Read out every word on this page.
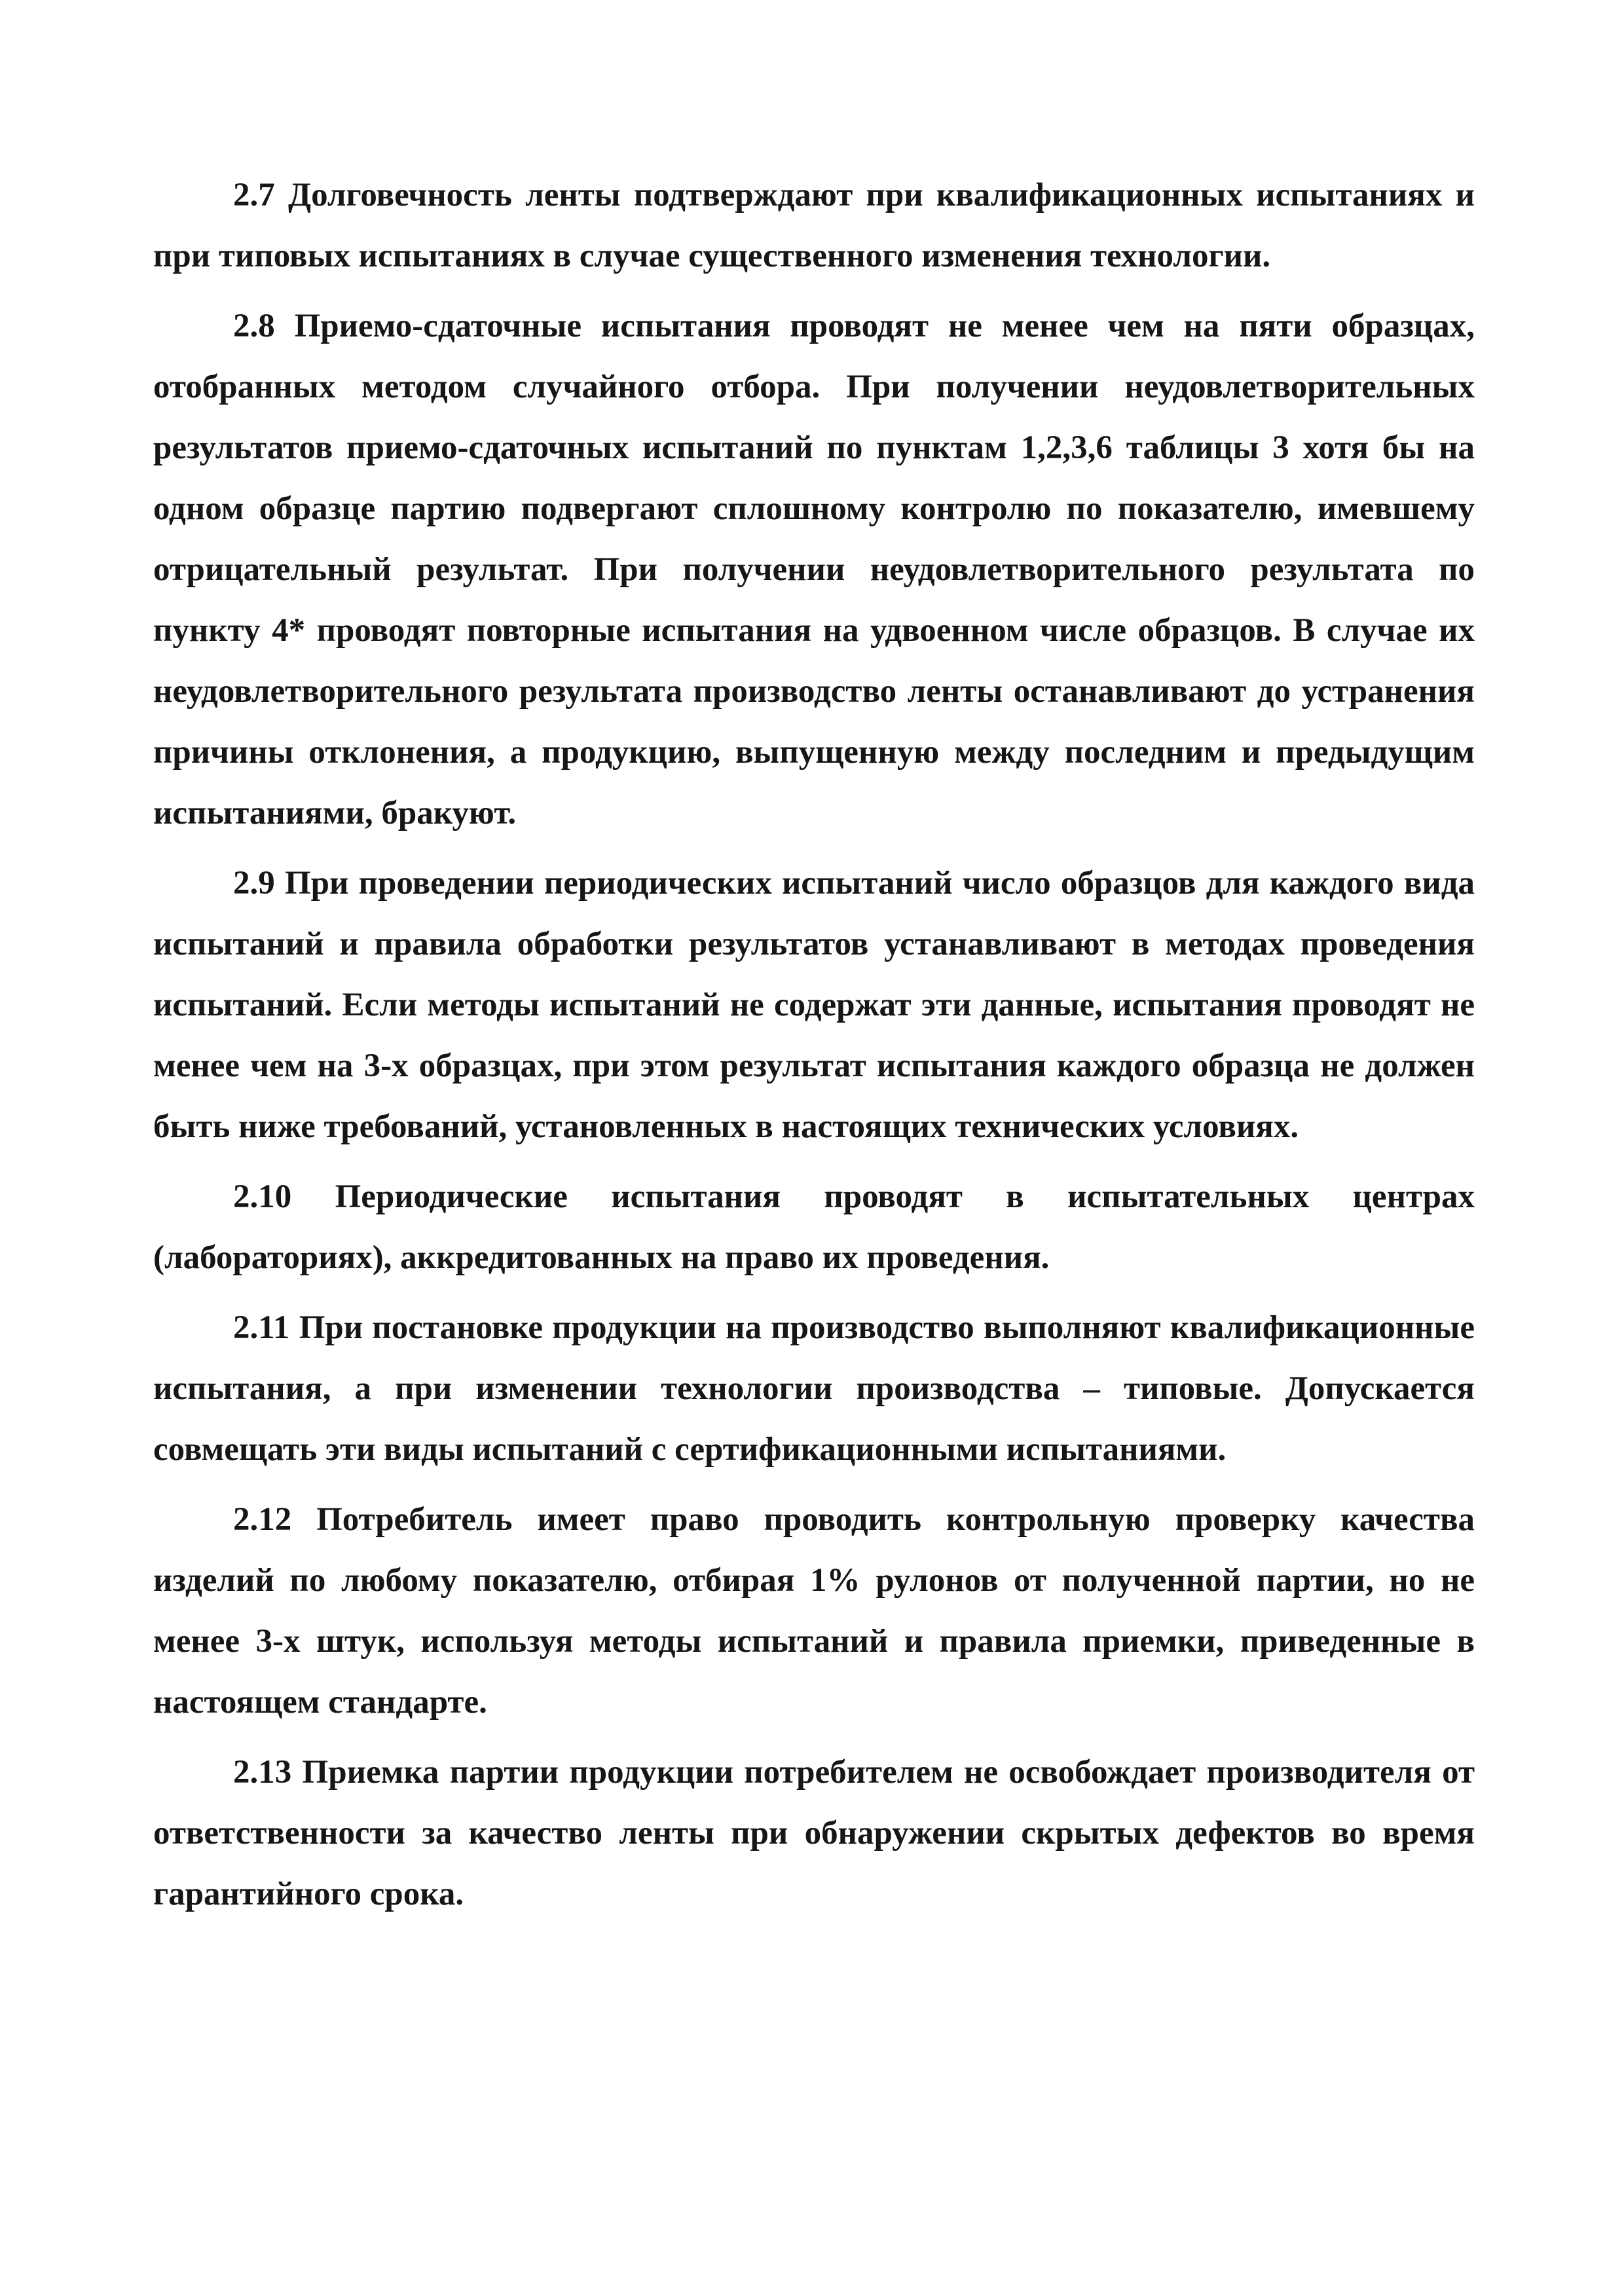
2.7 Долговечность ленты подтверждают при квалификационных испытаниях и при типовых испытаниях в случае существенного изменения технологии.

2.8 Приемо-сдаточные испытания проводят не менее чем на пяти образцах, отобранных методом случайного отбора. При получении неудовлетворительных результатов приемо-сдаточных испытаний по пунктам 1,2,3,6 таблицы 3 хотя бы на одном образце партию подвергают сплошному контролю по показателю, имевшему отрицательный результат. При получении неудовлетворительного результата по пункту 4* проводят повторные испытания на удвоенном числе образцов. В случае их неудовлетворительного результата производство ленты останавливают до устранения причины отклонения, а продукцию, выпущенную между последним и предыдущим испытаниями, бракуют.

2.9 При проведении периодических испытаний число образцов для каждого вида испытаний и правила обработки результатов устанавливают в методах проведения испытаний. Если методы испытаний не содержат эти данные, испытания проводят не менее чем на 3-х образцах, при этом результат испытания каждого образца не должен быть ниже требований, установленных в настоящих технических условиях.

2.10 Периодические испытания проводят в испытательных центрах (лабораториях), аккредитованных на право их проведения.

2.11 При постановке продукции на производство выполняют квалификационные испытания, а при изменении технологии производства – типовые. Допускается совмещать эти виды испытаний с сертификационными испытаниями.

2.12 Потребитель имеет право проводить контрольную проверку качества изделий по любому показателю, отбирая 1% рулонов от полученной партии, но не менее 3-х штук, используя методы испытаний и правила приемки, приведенные в настоящем стандарте.

2.13 Приемка партии продукции потребителем не освобождает производителя от ответственности за качество ленты при обнаружении скрытых дефектов во время гарантийного срока.
